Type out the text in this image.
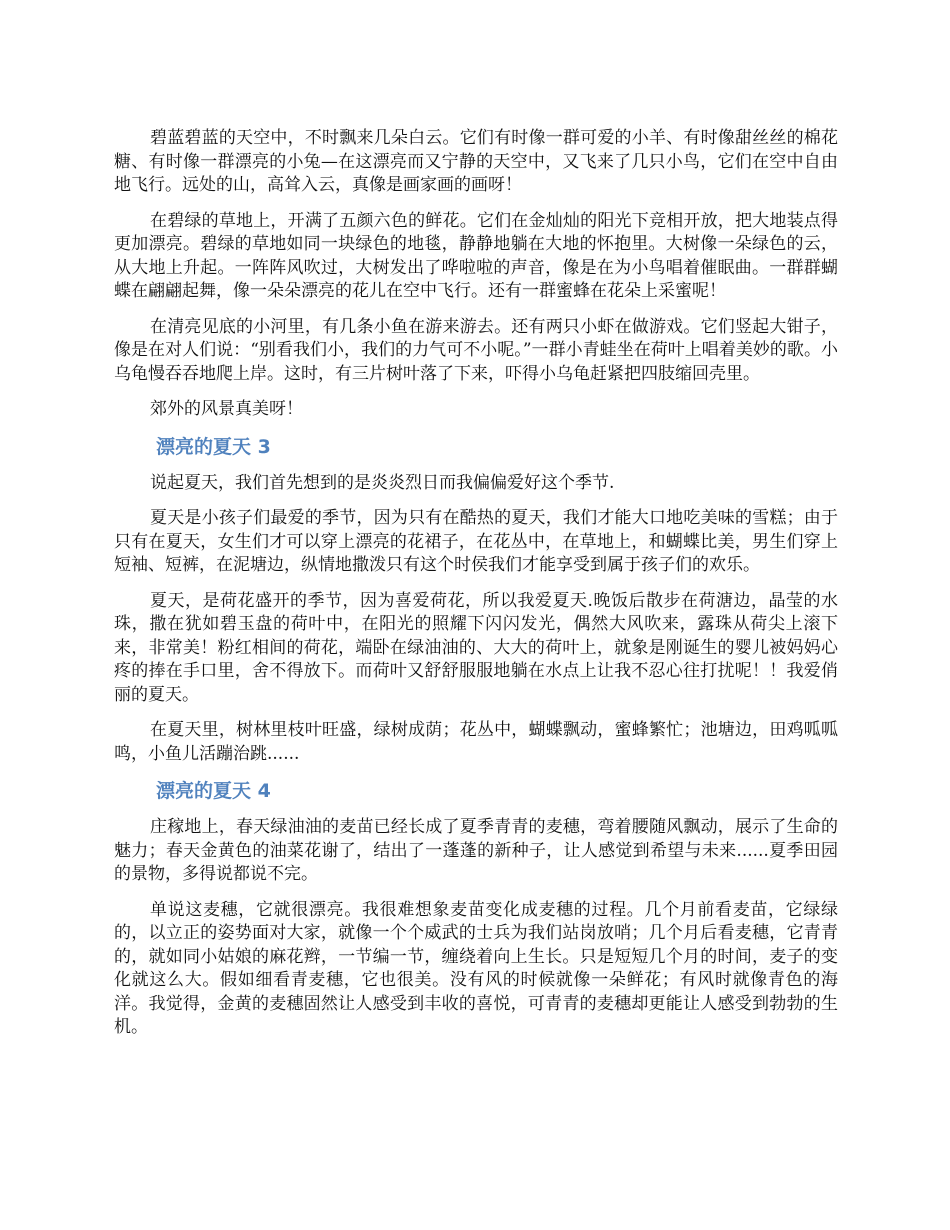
碧蓝碧蓝的天空中，不时飘来几朵白云。它们有时像一群可爱的小羊、有时像甜丝丝的棉花糖、有时像一群漂亮的小兔—在这漂亮而又宁静的天空中，又飞来了几只小鸟，它们在空中自由地飞行。远处的山，高耸入云，真像是画家画的画呀！

在碧绿的草地上，开满了五颜六色的鲜花。它们在金灿灿的阳光下竞相开放，把大地装点得更加漂亮。碧绿的草地如同一块绿色的地毯，静静地躺在大地的怀抱里。大树像一朵绿色的云，从大地上升起。一阵阵风吹过，大树发出了哗啦啦的声音，像是在为小鸟唱着催眠曲。一群群蝴蝶在翩翩起舞，像一朵朵漂亮的花儿在空中飞行。还有一群蜜蜂在花朵上采蜜呢！

在清亮见底的小河里，有几条小鱼在游来游去。还有两只小虾在做游戏。它们竖起大钳子，像是在对人们说：“别看我们小，我们的力气可不小呢。”一群小青蛙坐在荷叶上唱着美妙的歌。小乌龟慢吞吞地爬上岸。这时，有三片树叶落了下来，吓得小乌龟赶紧把四肢缩回壳里。

郊外的风景真美呀！

漂亮的夏天 3

说起夏天，我们首先想到的是炎炎烈日而我偏偏爱好这个季节.

夏天是小孩子们最爱的季节，因为只有在酷热的夏天，我们才能大口地吃美味的雪糕；由于只有在夏天，女生们才可以穿上漂亮的花裙子，在花丛中，在草地上，和蝴蝶比美，男生们穿上短袖、短裤，在泥塘边，纵情地撒泼只有这个时侯我们才能享受到属于孩子们的欢乐。

夏天，是荷花盛开的季节，因为喜爱荷花，所以我爱夏天.晚饭后散步在荷溏边，晶莹的水珠，撒在犹如碧玉盘的荷叶中，在阳光的照耀下闪闪发光，偶然大风吹来，露珠从荷尖上滚下来，非常美！粉红相间的荷花，端卧在绿油油的、大大的荷叶上，就象是刚诞生的婴儿被妈妈心疼的捧在手口里，舍不得放下。而荷叶又舒舒服服地躺在水点上让我不忍心往打扰呢！！我爱俏丽的夏天。

在夏天里，树林里枝叶旺盛，绿树成荫；花丛中，蝴蝶飘动，蜜蜂繁忙；池塘边，田鸡呱呱鸣，小鱼儿活蹦治跳......

漂亮的夏天 4

庄稼地上，春天绿油油的麦苗已经长成了夏季青青的麦穗，弯着腰随风飘动，展示了生命的魅力；春天金黄色的油菜花谢了，结出了一蓬蓬的新种子，让人感觉到希望与未来......夏季田园的景物，多得说都说不完。

单说这麦穗，它就很漂亮。我很难想象麦苗变化成麦穗的过程。几个月前看麦苗，它绿绿的，以立正的姿势面对大家，就像一个个威武的士兵为我们站岗放哨；几个月后看麦穗，它青青的，就如同小姑娘的麻花辫，一节编一节，缠绕着向上生长。只是短短几个月的时间，麦子的变化就这么大。假如细看青麦穗，它也很美。没有风的时候就像一朵鲜花；有风时就像青色的海洋。我觉得，金黄的麦穗固然让人感受到丰收的喜悦，可青青的麦穗却更能让人感受到勃勃的生机。
